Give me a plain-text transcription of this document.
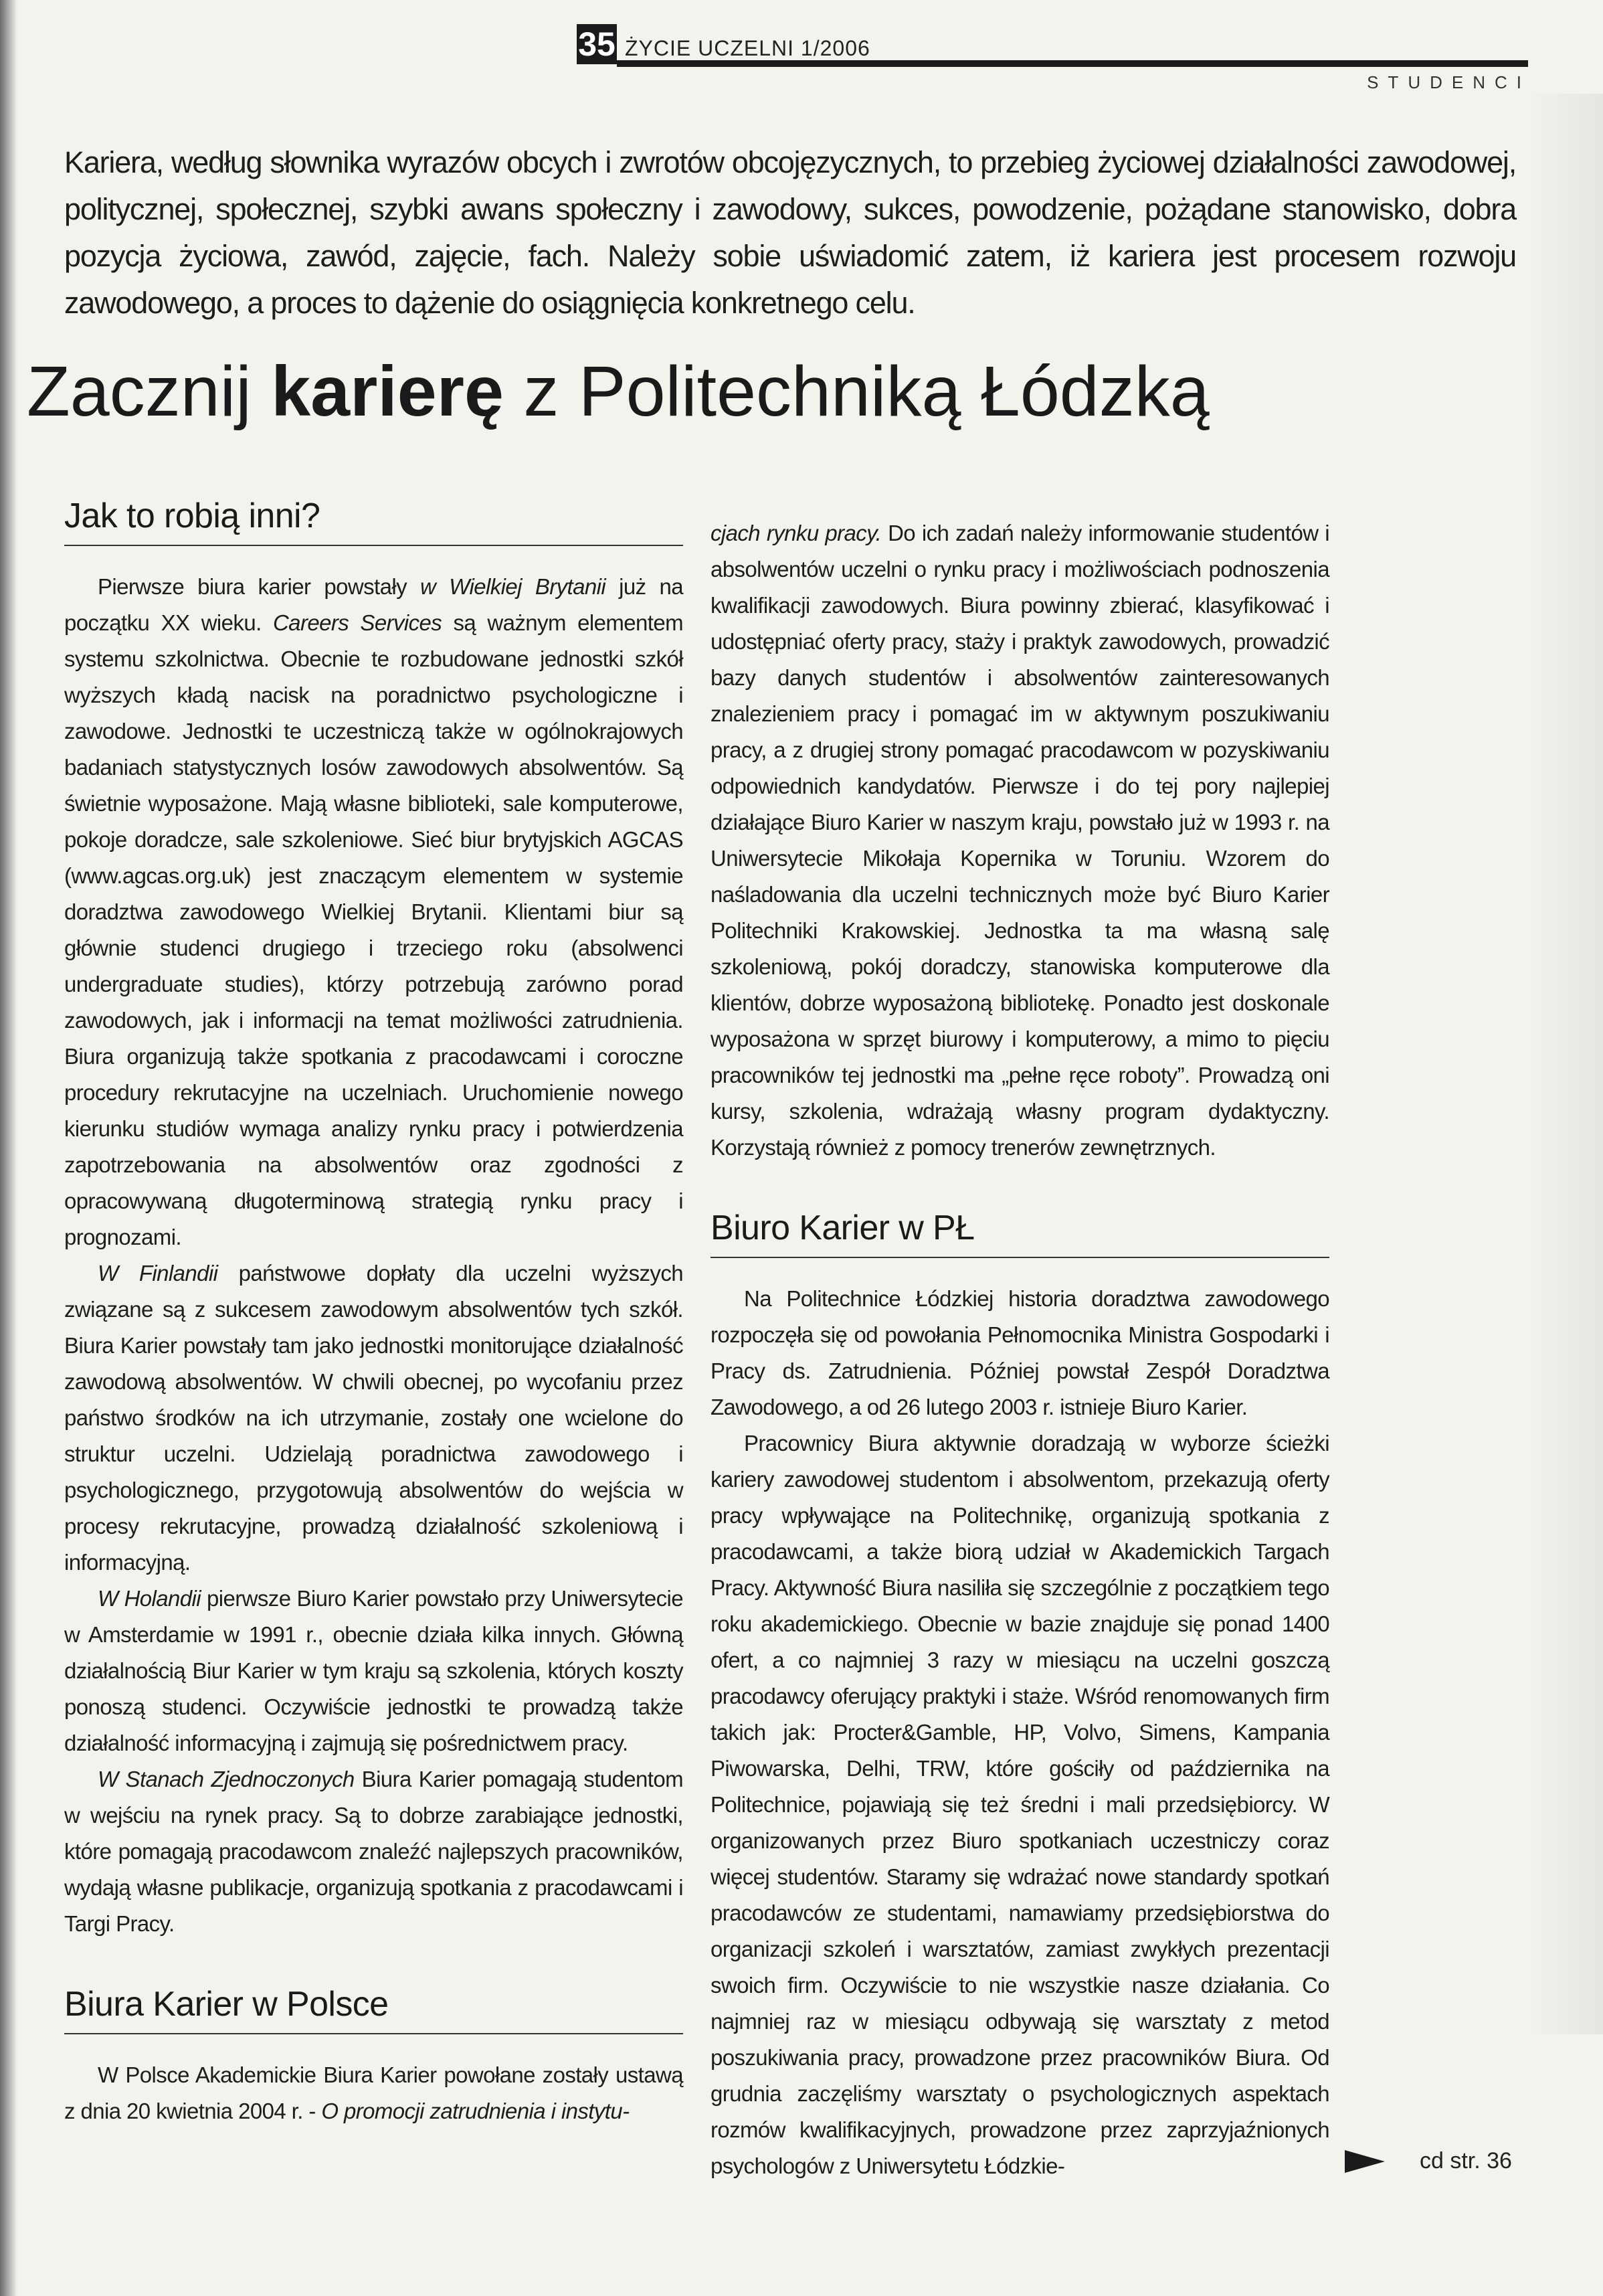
35 ŻYCIE UCZELNI 1/2006
STUDENCI
Kariera, według słownika wyrazów obcych i zwrotów obcojęzycznych, to przebieg życiowej działalności zawodowej, politycznej, społecznej, szybki awans społeczny i zawodowy, sukces, powodzenie, pożądane stanowisko, dobra pozycja życiowa, zawód, zajęcie, fach. Należy sobie uświadomić zatem, iż kariera jest procesem rozwoju zawodowego, a proces to dążenie do osiągnięcia konkretnego celu.
Zacznij karierę z Politechniką Łódzką
Jak to robią inni?

Pierwsze biura karier powstały w Wielkiej Brytanii już na początku XX wieku. Careers Services są ważnym elementem systemu szkolnictwa. Obecnie te rozbudowane jednostki szkół wyższych kładą nacisk na poradnictwo psychologiczne i zawodowe. Jednostki te uczestniczą także w ogólnokrajowych badaniach statystycznych losów zawodowych absolwentów. Są świetnie wyposażone. Mają własne biblioteki, sale komputerowe, pokoje doradcze, sale szkoleniowe. Sieć biur brytyjskich AGCAS (www.agcas.org.uk) jest znaczącym elementem w systemie doradztwa zawodowego Wielkiej Brytanii. Klientami biur są głównie studenci drugiego i trzeciego roku (absolwenci undergraduate studies), którzy potrzebują zarówno porad zawodowych, jak i informacji na temat możliwości zatrudnienia. Biura organizują także spotkania z pracodawcami i coroczne procedury rekrutacyjne na uczelniach. Uruchomienie nowego kierunku studiów wymaga analizy rynku pracy i potwierdzenia zapotrzebowania na absolwentów oraz zgodności z opracowywaną długoterminową strategią rynku pracy i prognozami.

W Finlandii państwowe dopłaty dla uczelni wyższych związane są z sukcesem zawodowym absolwentów tych szkół. Biura Karier powstały tam jako jednostki monitorujące działalność zawodową absolwentów. W chwili obecnej, po wycofaniu przez państwo środków na ich utrzymanie, zostały one wcielone do struktur uczelni. Udzielają poradnictwa zawodowego i psychologicznego, przygotowują absolwentów do wejścia w procesy rekrutacyjne, prowadzą działalność szkoleniową i informacyjną.

W Holandii pierwsze Biuro Karier powstało przy Uniwersytecie w Amsterdamie w 1991 r., obecnie działa kilka innych. Główną działalnością Biur Karier w tym kraju są szkolenia, których koszty ponoszą studenci. Oczywiście jednostki te prowadzą także działalność informacyjną i zajmują się pośrednictwem pracy.

W Stanach Zjednoczonych Biura Karier pomagają studentom w wejściu na rynek pracy. Są to dobrze zarabiające jednostki, które pomagają pracodawcom znaleźć najlepszych pracowników, wydają własne publikacje, organizują spotkania z pracodawcami i Targi Pracy.

Biura Karier w Polsce

W Polsce Akademickie Biura Karier powołane zostały ustawą z dnia 20 kwietnia 2004 r. - O promocji zatrudnienia i instytu-

cjach rynku pracy. Do ich zadań należy informowanie studentów i absolwentów uczelni o rynku pracy i możliwościach podnoszenia kwalifikacji zawodowych. Biura powinny zbierać, klasyfikować i udostępniać oferty pracy, staży i praktyk zawodowych, prowadzić bazy danych studentów i absolwentów zainteresowanych znalezieniem pracy i pomagać im w aktywnym poszukiwaniu pracy, a z drugiej strony pomagać pracodawcom w pozyskiwaniu odpowiednich kandydatów. Pierwsze i do tej pory najlepiej działające Biuro Karier w naszym kraju, powstało już w 1993 r. na Uniwersytecie Mikołaja Kopernika w Toruniu. Wzorem do naśladowania dla uczelni technicznych może być Biuro Karier Politechniki Krakowskiej. Jednostka ta ma własną salę szkoleniową, pokój doradczy, stanowiska komputerowe dla klientów, dobrze wyposażoną bibliotekę. Ponadto jest doskonale wyposażona w sprzęt biurowy i komputerowy, a mimo to pięciu pracowników tej jednostki ma „pełne ręce roboty”. Prowadzą oni kursy, szkolenia, wdrażają własny program dydaktyczny. Korzystają również z pomocy trenerów zewnętrznych.

Biuro Karier w PŁ

Na Politechnice Łódzkiej historia doradztwa zawodowego rozpoczęła się od powołania Pełnomocnika Ministra Gospodarki i Pracy ds. Zatrudnienia. Później powstał Zespół Doradztwa Zawodowego, a od 26 lutego 2003 r. istnieje Biuro Karier.

Pracownicy Biura aktywnie doradzają w wyborze ścieżki kariery zawodowej studentom i absolwentom, przekazują oferty pracy wpływające na Politechnikę, organizują spotkania z pracodawcami, a także biorą udział w Akademickich Targach Pracy. Aktywność Biura nasiliła się szczególnie z początkiem tego roku akademickiego. Obecnie w bazie znajduje się ponad 1400 ofert, a co najmniej 3 razy w miesiącu na uczelni goszczą pracodawcy oferujący praktyki i staże. Wśród renomowanych firm takich jak: Procter&Gamble, HP, Volvo, Simens, Kampania Piwowarska, Delhi, TRW, które gościły od października na Politechnice, pojawiają się też średni i mali przedsiębiorcy. W organizowanych przez Biuro spotkaniach uczestniczy coraz więcej studentów. Staramy się wdrażać nowe standardy spotkań pracodawców ze studentami, namawiamy przedsiębiorstwa do organizacji szkoleń i warsztatów, zamiast zwykłych prezentacji swoich firm. Oczywiście to nie wszystkie nasze działania. Co najmniej raz w miesiącu odbywają się warsztaty z metod poszukiwania pracy, prowadzone przez pracowników Biura. Od grudnia zaczęliśmy warsztaty o psychologicznych aspektach rozmów kwalifikacyjnych, prowadzone przez zaprzyjaźnionych psychologów z Uniwersytetu Łódzkie-	cd str. 36
